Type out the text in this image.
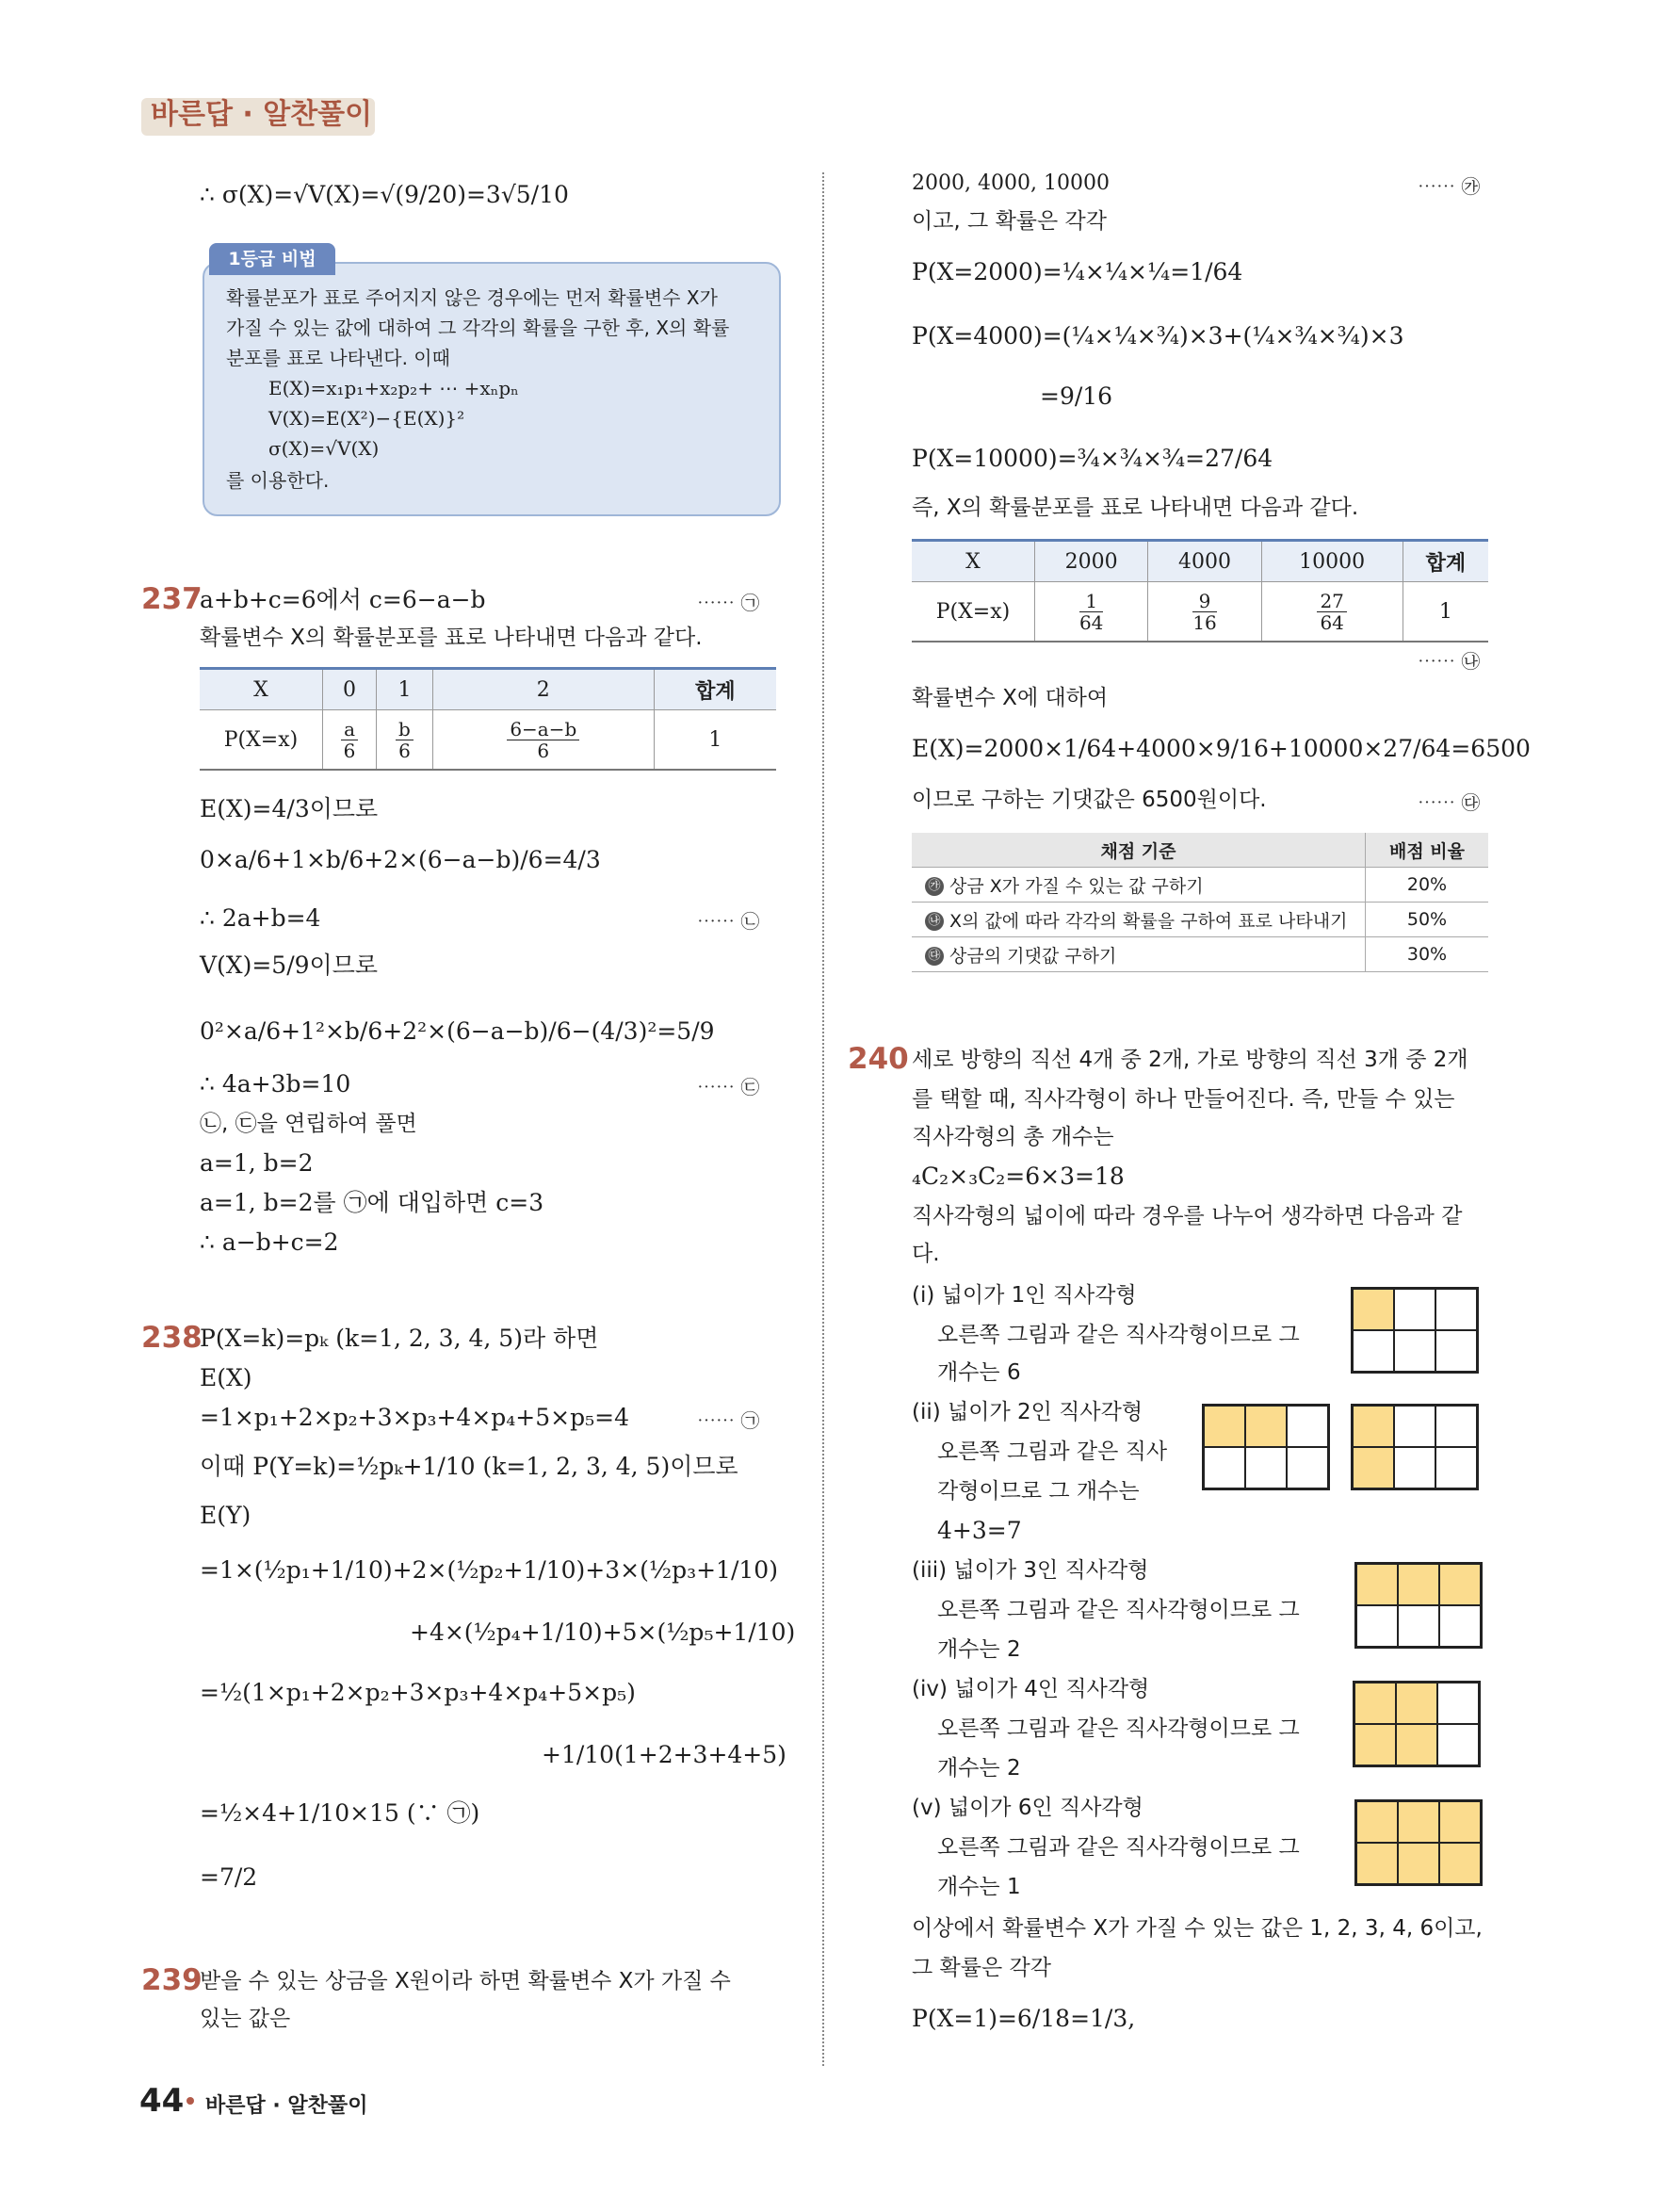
바른답 · 알찬풀이
∴ σ(X)=√V(X)=√(9/20)=3√5/10
1등급 비법
확률분포가 표로 주어지지 않은 경우에는 먼저 확률변수 X가
가질 수 있는 값에 대하여 그 각각의 확률을 구한 후, X의 확률
분포를 표로 나타낸다. 이때
E(X)=x₁p₁+x₂p₂+ ⋯ +xₙpₙ
V(X)=E(X²)−{E(X)}²
σ(X)=√V(X)
를 이용한다.
237
a+b+c=6에서 c=6−a−b	⋯⋯ ㉠
확률변수 X의 확률분포를 표로 나타내면 다음과 같다.
X	0	1	2	합계
P(X=x)	$\frac{a}{6}$	$\frac{b}{6}$	$\frac{6-a-b}{6}$	1
E(X)=4/3이므로
0×a/6+1×b/6+2×(6−a−b)/6=4/3
∴ 2a+b=4	⋯⋯ ㉡
V(X)=5/9이므로
0²×a/6+1²×b/6+2²×(6−a−b)/6−(4/3)²=5/9
∴ 4a+3b=10	⋯⋯ ㉢
㉡, ㉢을 연립하여 풀면
a=1, b=2
a=1, b=2를 ㉠에 대입하면 c=3
∴ a−b+c=2
238
P(X=k)=pₖ (k=1, 2, 3, 4, 5)라 하면
E(X)
=1×p₁+2×p₂+3×p₃+4×p₄+5×p₅=4	⋯⋯ ㉠
이때 P(Y=k)=½pₖ+1/10 (k=1, 2, 3, 4, 5)이므로
E(Y)
=1×(½p₁+1/10)+2×(½p₂+1/10)+3×(½p₃+1/10)
+4×(½p₄+1/10)+5×(½p₅+1/10)
=½(1×p₁+2×p₂+3×p₃+4×p₄+5×p₅)
+1/10(1+2+3+4+5)
=½×4+1/10×15 (∵ ㉠)
=7/2
239
받을 수 있는 상금을 X원이라 하면 확률변수 X가 가질 수
있는 값은
2000, 4000, 10000	⋯⋯ ㉮
이고, 그 확률은 각각
P(X=2000)=¼×¼×¼=1/64
P(X=4000)=(¼×¼×¾)×3+(¼×¾×¾)×3
=9/16
P(X=10000)=¾×¾×¾=27/64
즉, X의 확률분포를 표로 나타내면 다음과 같다.
X	2000	4000	10000	합계
P(X=x)	$\frac{1}{64}$	$\frac{9}{16}$	$\frac{27}{64}$	1
⋯⋯ ㉯
확률변수 X에 대하여
E(X)=2000×1/64+4000×9/16+10000×27/64=6500
이므로 구하는 기댓값은 6500원이다.	⋯⋯ ㉰
채점 기준	배점 비율
㉮ 상금 X가 가질 수 있는 값 구하기	20%
㉯ X의 값에 따라 각각의 확률을 구하여 표로 나타내기	50%
㉰ 상금의 기댓값 구하기	30%
240 세로 방향의 직선 4개 중 2개, 가로 방향의 직선 3개 중 2개
를 택할 때, 직사각형이 하나 만들어진다. 즉, 만들 수 있는
직사각형의 총 개수는
₄C₂×₃C₂=6×3=18
직사각형의 넓이에 따라 경우를 나누어 생각하면 다음과 같
다.
(i) 넓이가 1인 직사각형
오른쪽 그림과 같은 직사각형이므로 그
개수는 6
(ii) 넓이가 2인 직사각형
오른쪽 그림과 같은 직사
각형이므로 그 개수는
4+3=7
(iii) 넓이가 3인 직사각형
오른쪽 그림과 같은 직사각형이므로 그
개수는 2
(iv) 넓이가 4인 직사각형
오른쪽 그림과 같은 직사각형이므로 그
개수는 2
(v) 넓이가 6인 직사각형
오른쪽 그림과 같은 직사각형이므로 그
개수는 1
이상에서 확률변수 X가 가질 수 있는 값은 1, 2, 3, 4, 6이고,
그 확률은 각각
P(X=1)=6/18=1/3,
44 바른답 · 알찬풀이
